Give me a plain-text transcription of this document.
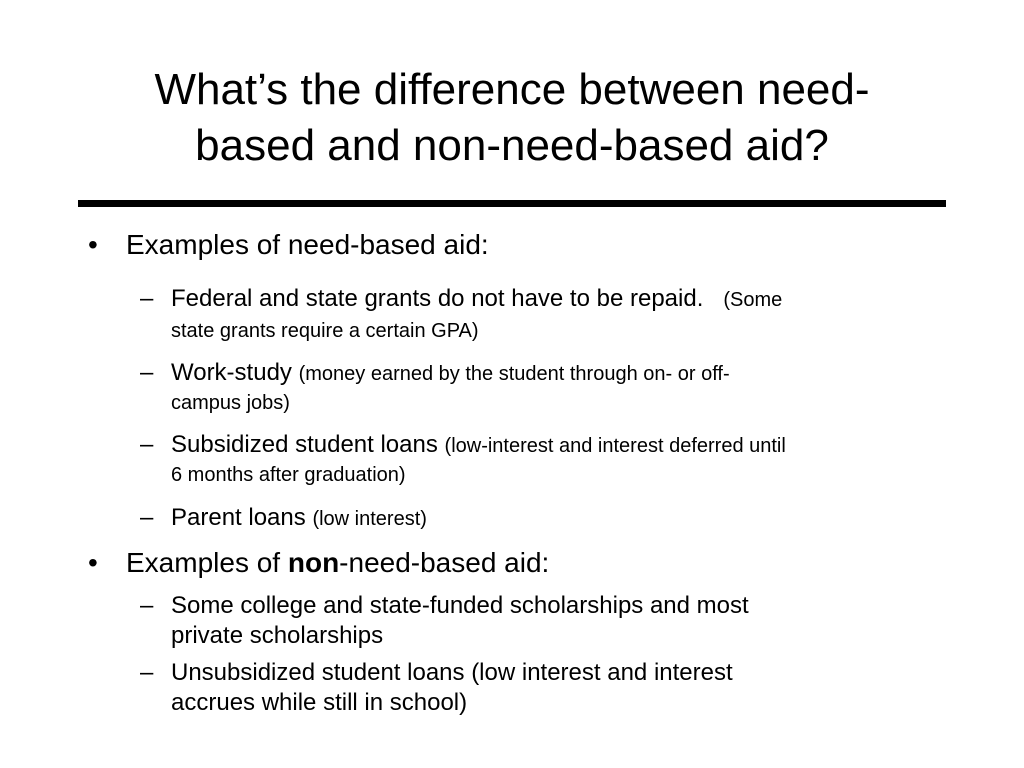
What’s the difference between need-
based and non-need-based aid?
• Examples of need-based aid:
– Federal and state grants do not have to be repaid. (Some
state grants require a certain GPA)
– Work-study (money earned by the student through on- or off-
campus jobs)
– Subsidized student loans (low-interest and interest deferred until
6 months after graduation)
– Parent loans (low interest)
• Examples of non-need-based aid:
– Some college and state-funded scholarships and most
private scholarships
– Unsubsidized student loans (low interest and interest
accrues while still in school)
